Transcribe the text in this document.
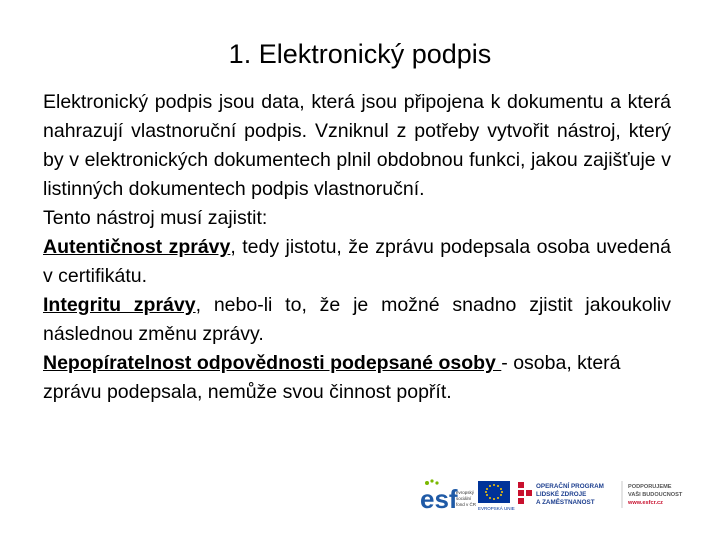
1. Elektronický podpis

Elektronický podpis jsou data, která jsou připojena k dokumentu a která nahrazují vlastnoruční podpis. Vzniknul z potřeby vytvořit nástroj, který by v elektronických dokumentech plnil obdobnou funkci, jakou zajišťuje v listinných dokumentech podpis vlastnoruční.

Tento nástroj musí zajistit:

Autentičnost zprávy, tedy jistotu, že zprávu podepsala osoba uvedená v certifikátu.

Integritu zprávy, nebo-li to, že je možné snadno zjistit jakoukoliv následnou změnu zprávy.

Nepopíratelnost odpovědnosti podepsané osoby - osoba, která zprávu podepsala, nemůže svou činnost popřít.

esf
evropský
sociální
fond v ČR
EVROPSKÁ UNIE
OPERAČNÍ PROGRAM
LIDSKÉ ZDROJE
A ZAMĚSTNANOST
PODPORUJEME
VAŠI BUDOUCNOST
www.esfcr.cz
